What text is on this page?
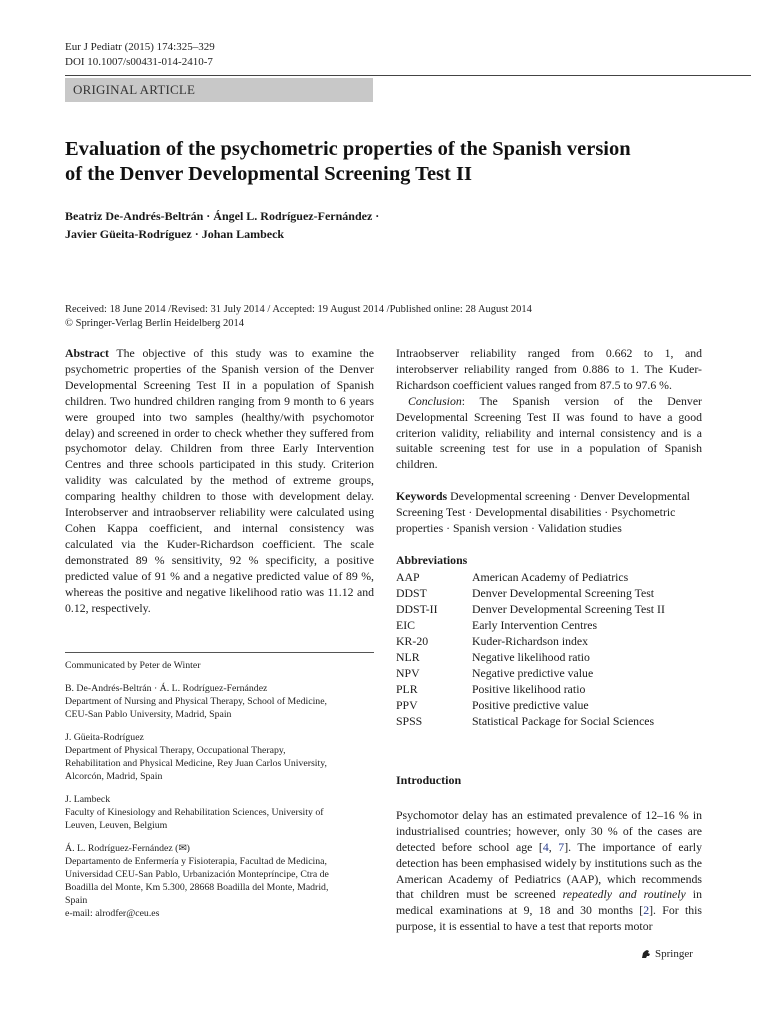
Eur J Pediatr (2015) 174:325–329
DOI 10.1007/s00431-014-2410-7
ORIGINAL ARTICLE
Evaluation of the psychometric properties of the Spanish version
of the Denver Developmental Screening Test II
Beatriz De-Andrés-Beltrán · Ángel L. Rodríguez-Fernández ·
Javier Güeita-Rodríguez · Johan Lambeck
Received: 18 June 2014 /Revised: 31 July 2014 / Accepted: 19 August 2014 /Published online: 28 August 2014
© Springer-Verlag Berlin Heidelberg 2014

Abstract The objective of this study was to examine the psychometric properties of the Spanish version of the Denver Developmental Screening Test II in a population of Spanish children. Two hundred children ranging from 9 month to 6 years were grouped into two samples (healthy/with psychomotor delay) and screened in order to check whether they suffered from psychomotor delay. Children from three Early Intervention Centres and three schools participated in this study. Criterion validity was calculated by the method of extreme groups, comparing healthy children to those with development delay. Interobserver and intraobserver reliability were calculated using Cohen Kappa coefficient, and internal consistency was calculated via the Kuder-Richardson coefficient. The scale demonstrated 89 % sensitivity, 92 % specificity, a positive predicted value of 91 % and a negative predicted value of 89 %, whereas the positive and negative likelihood ratio was 11.12 and 0.12, respectively.

Communicated by Peter de Winter
B. De-Andrés-Beltrán · Á. L. Rodríguez-Fernández
Department of Nursing and Physical Therapy, School of Medicine,
CEU-San Pablo University, Madrid, Spain
J. Güeita-Rodríguez
Department of Physical Therapy, Occupational Therapy,
Rehabilitation and Physical Medicine, Rey Juan Carlos University,
Alcorcón, Madrid, Spain
J. Lambeck
Faculty of Kinesiology and Rehabilitation Sciences, University of
Leuven, Leuven, Belgium
Á. L. Rodríguez-Fernández (✉)
Departamento de Enfermería y Fisioterapia, Facultad de Medicina,
Universidad CEU-San Pablo, Urbanización Montepríncipe, Ctra de
Boadilla del Monte, Km 5.300, 28668 Boadilla del Monte, Madrid,
Spain
e-mail: alrodfer@ceu.es

Intraobserver reliability ranged from 0.662 to 1, and interobserver reliability ranged from 0.886 to 1. The Kuder-Richardson coefficient values ranged from 87.5 to 97.6 %.

Conclusion: The Spanish version of the Denver Developmental Screening Test II was found to have a good criterion validity, reliability and internal consistency and is a suitable screening test for use in a population of Spanish children.

Keywords Developmental screening · Denver Developmental Screening Test · Developmental disabilities · Psychometric properties · Spanish version · Validation studies

Abbreviations
AAP	American Academy of Pediatrics
DDST	Denver Developmental Screening Test
DDST-II	Denver Developmental Screening Test II
EIC	Early Intervention Centres
KR-20	Kuder-Richardson index
NLR	Negative likelihood ratio
NPV	Negative predictive value
PLR	Positive likelihood ratio
PPV	Positive predictive value
SPSS	Statistical Package for Social Sciences
Introduction

Psychomotor delay has an estimated prevalence of 12–16 % in industrialised countries; however, only 30 % of the cases are detected before school age [4, 7]. The importance of early detection has been emphasised widely by institutions such as the American Academy of Pediatrics (AAP), which recommends that children must be screened repeatedly and routinely in medical examinations at 9, 18 and 30 months [2]. For this purpose, it is essential to have a test that reports motor

Springer
